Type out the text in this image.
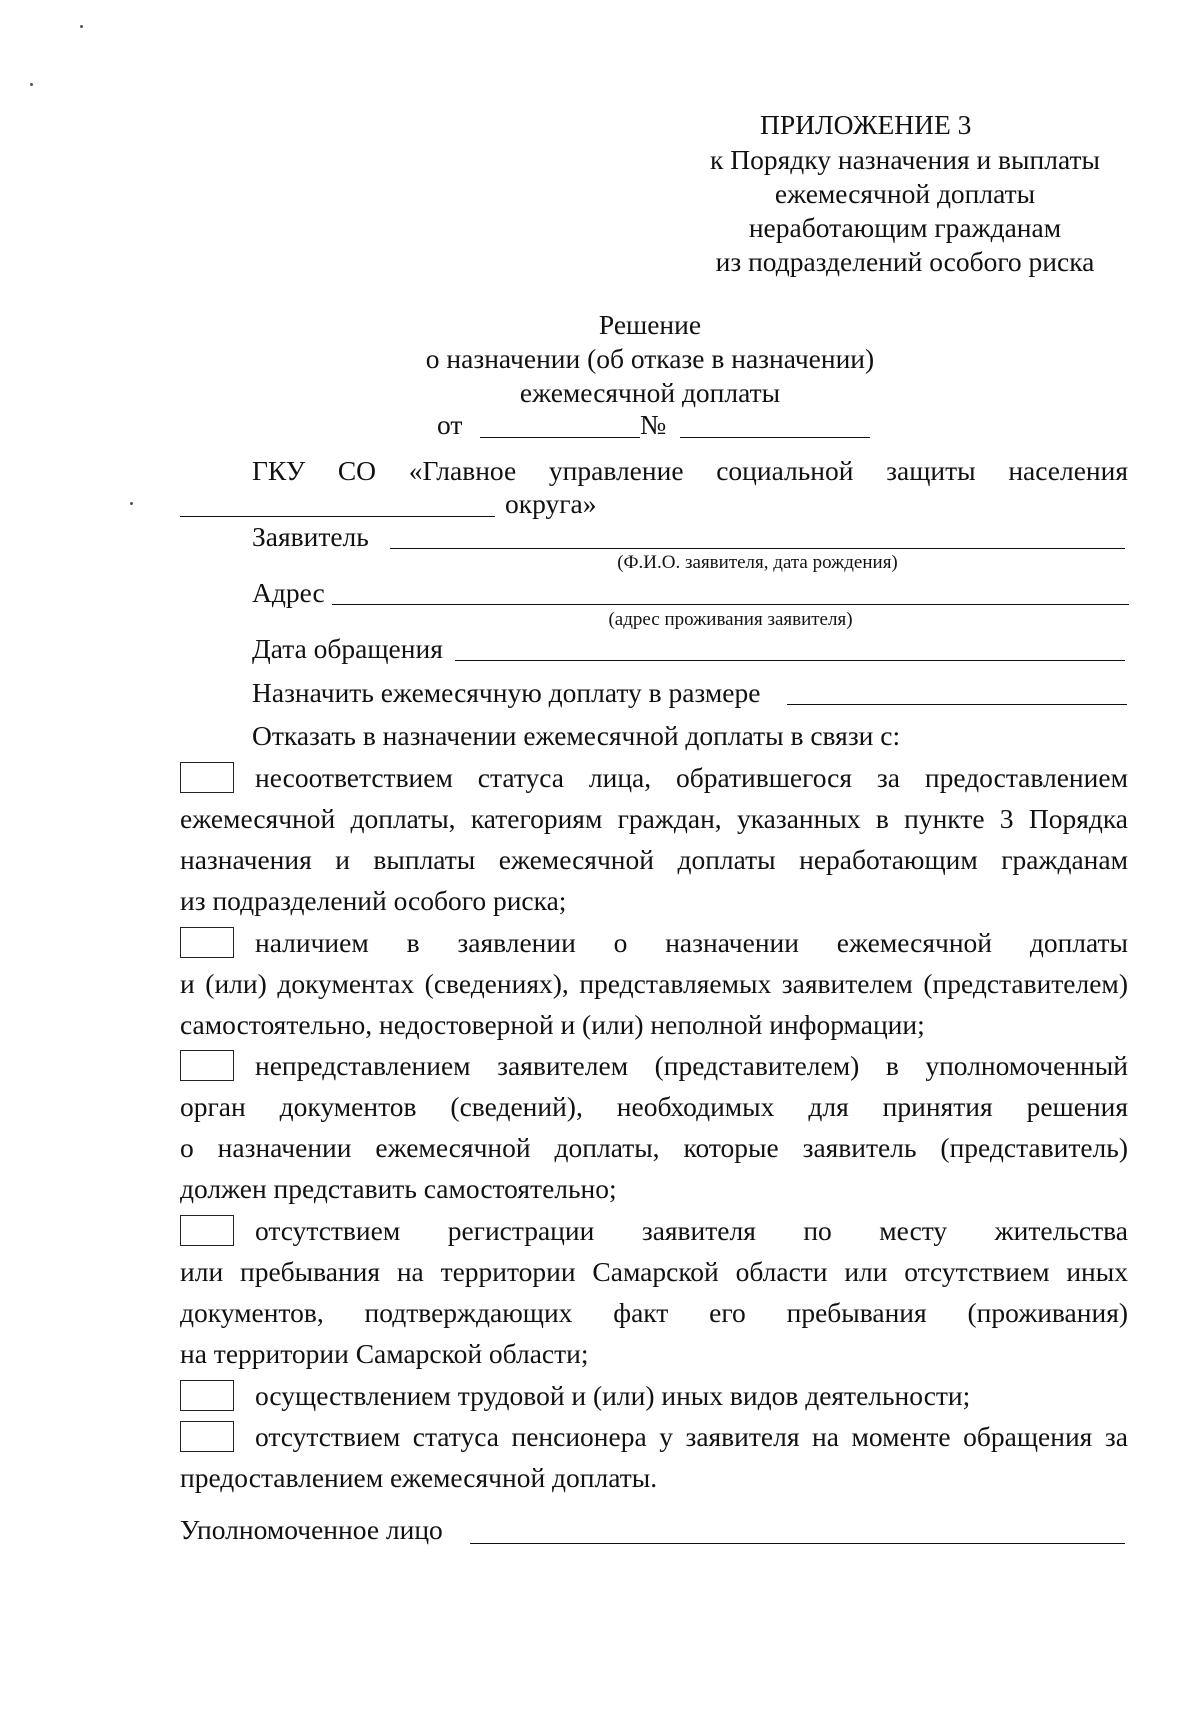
ПРИЛОЖЕНИЕ 3
к Порядку назначения и выплаты
ежемесячной доплаты
неработающим гражданам
из подразделений особого риска
Решение
о назначении (об отказе в назначении)
ежемесячной доплаты
от	№
ГКУ СО «Главное управление социальной защиты населения
округа»
Заявитель
(Ф.И.О. заявителя, дата рождения)
Адрес
(адрес проживания заявителя)
Дата обращения
Назначить ежемесячную доплату в размере
Отказать в назначении ежемесячной доплаты в связи с:
несоответствием статуса лица, обратившегося за предоставлением
ежемесячной доплаты, категориям граждан, указанных в пункте 3 Порядка
назначения и выплаты ежемесячной доплаты неработающим гражданам
из подразделений особого риска;
наличием в заявлении о назначении ежемесячной доплаты
и (или) документах (сведениях), представляемых заявителем (представителем)
самостоятельно, недостоверной и (или) неполной информации;
непредставлением заявителем (представителем) в уполномоченный
орган документов (сведений), необходимых для принятия решения
о назначении ежемесячной доплаты, которые заявитель (представитель)
должен представить самостоятельно;
отсутствием регистрации заявителя по месту жительства
или пребывания на территории Самарской области или отсутствием иных
документов, подтверждающих факт его пребывания (проживания)
на территории Самарской области;
осуществлением трудовой и (или) иных видов деятельности;
отсутствием статуса пенсионера у заявителя на моменте обращения за
предоставлением ежемесячной доплаты.
Уполномоченное лицо
